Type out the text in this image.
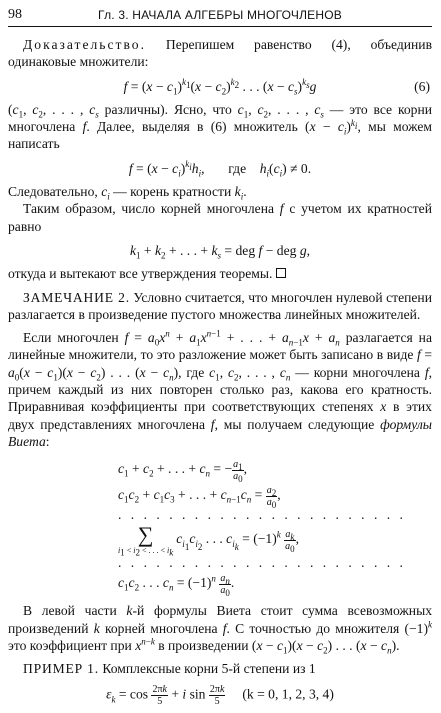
98	Гл. 3. НАЧАЛА АЛГЕБРЫ МНОГОЧЛЕНОВ

Доказательство. Перепишем равенство (4), объединив одинаковые множители:

$f = (x - c_1)^{k_1}(x - c_2)^{k_2}$ . . . $(x - c_s)^{k_s}g$	(6)

($c_1$, $c_2$, . . . , $c_s$ различны). Ясно, что $c_1$, $c_2$, . . . , $c_s$ — это все корни многочлена f. Далее, выделяя в (6) множитель $(x - c_i)^{k_i}$, мы можем написать

$f = (x - c_i)^{k_i}h_i$,       где $h_i(c_i) \ne 0$.

Следовательно, $c_i$ — корень кратности $k_i$.

Таким образом, число корней многочлена f с учетом их кратностей равно

$k_1 + k_2$ + . . . + $k_s$ = deg f − deg g,

откуда и вытекают все утверждения теоремы.

ЗАМЕЧАНИЕ 2. Условно считается, что многочлен нулевой степени разлагается в произведение пустого множества линейных множителей.

Если многочлен $f = a_0x^n + a_1x^{n-1}$ + . . . + $a_{n-1}x + a_n$ разлагается на линейные множители, то это разложение может быть записано в виде $f = a_0(x - c_1)(x - c_2)$ . . . $(x - c_n)$, где $c_1$, $c_2$, . . . , $c_n$ — корни многочлена f, причем каждый из них повторен столько раз, какова его кратность. Приравнивая коэффициенты при соответствующих степенях x в этих двух представлениях многочлена f, мы получаем следующие формулы Виета:

$c_1 + c_2$ + . . . + $c_n$ = − $\frac{a_1}{a_0}$ ,
$c_1c_2 + c_1c_3$ + . . . + $c_{n-1}c_n = \frac{a_2}{a_0}$ ,
. . . . . . . . . . . . . . . . . . . . . . .
∑
$i_1 < i_2$ < . . . < $i_k$
$c_{i_1}c_{i_2}$ . . . $c_{i_k} = (-1)^k \frac{a_k}{a_0}$ ,
. . . . . . . . . . . . . . . . . . . . . . .
$c_1c_2$ . . . $c_n = (-1)^n \frac{a_n}{a_0}$ .

В левой части k-й формулы Виета стоит сумма всевозможных произведений k корней многочлена f. С точностью до множителя $(-1)^k$ это коэффициент при $x^{n-k}$ в произведении $(x - c_1)(x - c_2)$ . . . $(x - c_n)$.

ПРИМЕР 1. Комплексные корни 5-й степени из 1

$\varepsilon_k = \cos \frac{2\pi k}{5} + i$ $\sin \frac{2\pi k}{5} (k = 0$, 1, 2, 3, 4)
